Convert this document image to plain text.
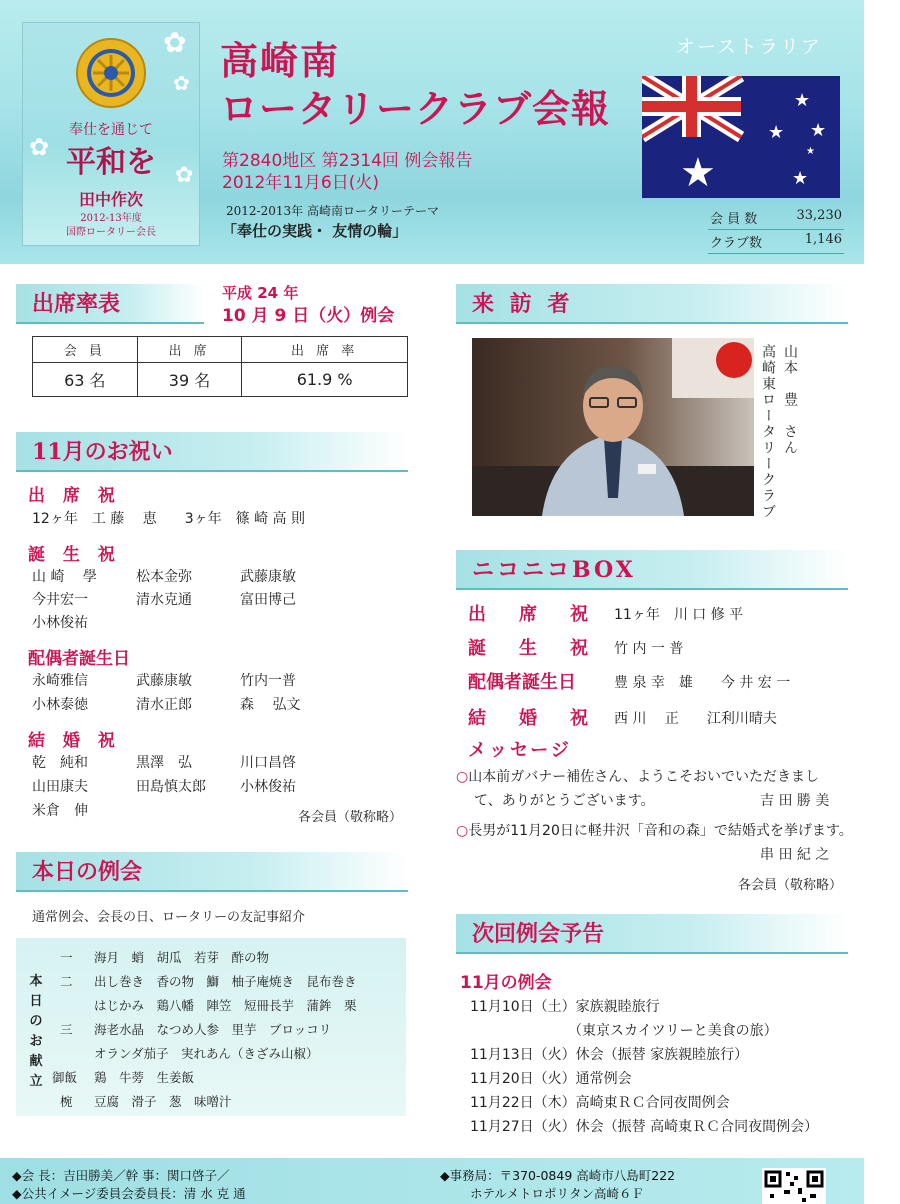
✿
✿
✿
✿
奉仕を通じて
平和を
田中作次
2012-13年度
国際ロータリー会長
高崎南
ロータリークラブ会報
第2840地区 第2314回 例会報告
2012年11月6日(火)
2012-2013年 高崎南ロータリーテーマ
「奉仕の実践・ 友情の輪」
オーストラリア
★
★
★ ★
★
★
会 員 数	33,230
クラブ数	1,146
出席率表	平成 24 年
10 月 9 日（火）例会
会 員	出 席	出 席 率
63 名	39 名	61.9 %
11月のお祝い
出 席 祝
12ヶ年　工 藤　 恵　　3ヶ年　篠 崎 高 則
誕 生 祝
山 崎　 學	松本金弥	武藤康敏
今井宏一	清水克通	富田博己
小林俊祐
配偶者誕生日
永崎雅信	武藤康敏	竹内一普
小林泰徳	清水正郎	森　 弘文
結 婚 祝
乾　純和	黒澤　弘	川口昌啓
山田康夫	田島慎太郎 小林俊祐
米倉　伸	各会員（敬称略）
本日の例会
通常例会、会長の日、ロータリーの友記事紹介
本
日
の
お
献
立
一 海月　蛸　胡瓜　若芽　酢の物
二 出し巻き　香の物　鰤　柚子庵焼き　昆布巻き
はじかみ　鶏八幡　陣笠　短冊長芋　蒲鉾　栗
三 海老水晶　なつめ人参　里芋　ブロッコリ
オランダ茄子　実れあん（きざみ山椒）
御飯 鶏　牛蒡　生姜飯
椀 豆腐　滑子　葱　味噌汁
来 訪 者
山本　豊　さん
高崎東ロータリークラブ
ニコニコBOX
出　席　祝 11ヶ年　川 口 修 平
誕　生　祝 竹 内 一 普
配偶者誕生日	豊 泉 幸　雄　　今 井 宏 一
結　婚　祝 西 川　 正　　江利川晴夫
メッセージ
○山本前ガバナー補佐さん、ようこそおいでいただきまし
て、ありがとうございます。	吉 田 勝 美
○長男が11月20日に軽井沢「音和の森」で結婚式を挙げます。
串 田 紀 之
各会員（敬称略）
次回例会予告
11月の例会
11月10日（土）家族親睦旅行
（東京スカイツリーと美食の旅）
11月13日（火）休会（振替 家族親睦旅行）
11月20日（火）通常例会
11月22日（木）高崎東ＲＣ合同夜間例会
11月27日（火）休会（振替 高崎東ＲＣ合同夜間例会）
◆会 長：吉田勝美／幹 事：関口啓子／
◆公共イメージ委員会委員長：清 水 克 通
◆事務局：〒370-0849 高崎市八島町222
ホテルメトロポリタン高崎６Ｆ
